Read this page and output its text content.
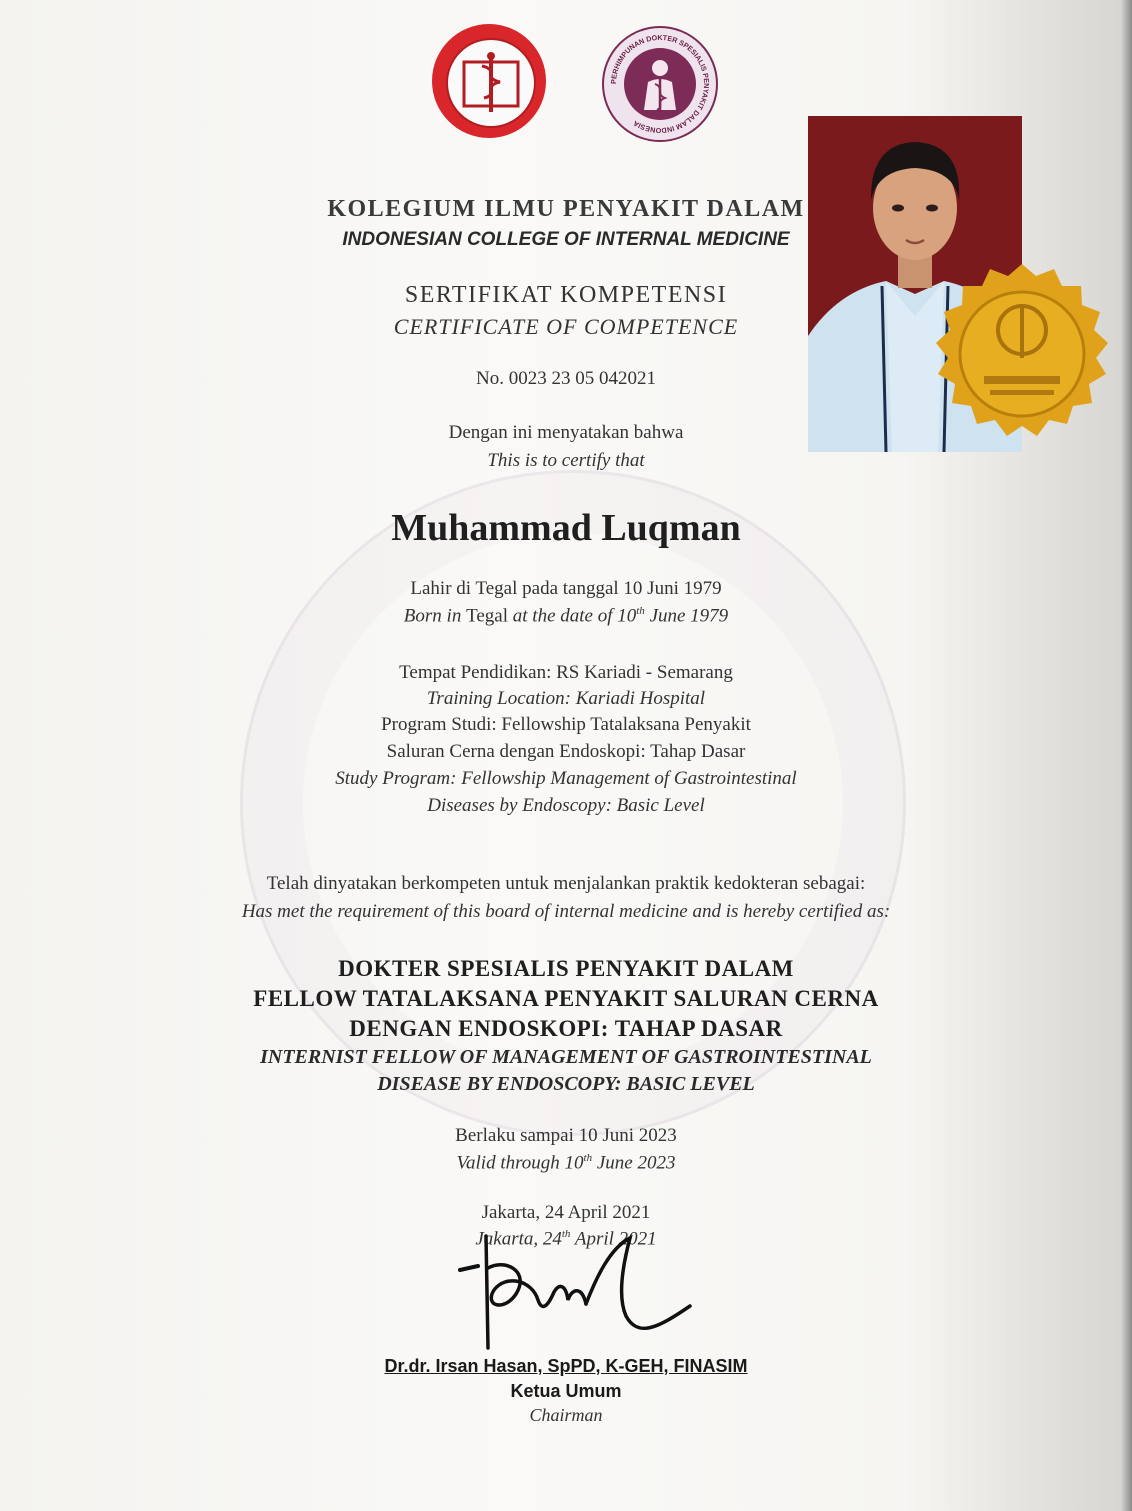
PERHIMPUNAN DOKTER SPESIALIS PENYAKIT DALAM INDONESIA
KOLEGIUM ILMU PENYAKIT DALAM
INDONESIAN COLLEGE OF INTERNAL MEDICINE
SERTIFIKAT KOMPETENSI
CERTIFICATE OF COMPETENCE
No. 0023 23 05 042021
Dengan ini menyatakan bahwa
This is to certify that
Muhammad Luqman
Lahir di Tegal pada tanggal 10 Juni 1979
Born in Tegal at the date of 10th June 1979
Tempat Pendidikan: RS Kariadi - Semarang
Training Location: Kariadi Hospital
Program Studi: Fellowship Tatalaksana Penyakit
Saluran Cerna dengan Endoskopi: Tahap Dasar
Study Program: Fellowship Management of Gastrointestinal
Diseases by Endoscopy: Basic Level
Telah dinyatakan berkompeten untuk menjalankan praktik kedokteran sebagai:
Has met the requirement of this board of internal medicine and is hereby certified as:
DOKTER SPESIALIS PENYAKIT DALAM
FELLOW TATALAKSANA PENYAKIT SALURAN CERNA
DENGAN ENDOSKOPI: TAHAP DASAR
INTERNIST FELLOW OF MANAGEMENT OF GASTROINTESTINAL
DISEASE BY ENDOSCOPY: BASIC LEVEL
Berlaku sampai 10 Juni 2023
Valid through 10th June 2023
Jakarta, 24 April 2021
Jakarta, 24th April 2021
Dr.dr. Irsan Hasan, SpPD, K-GEH, FINASIM
Ketua Umum
Chairman
